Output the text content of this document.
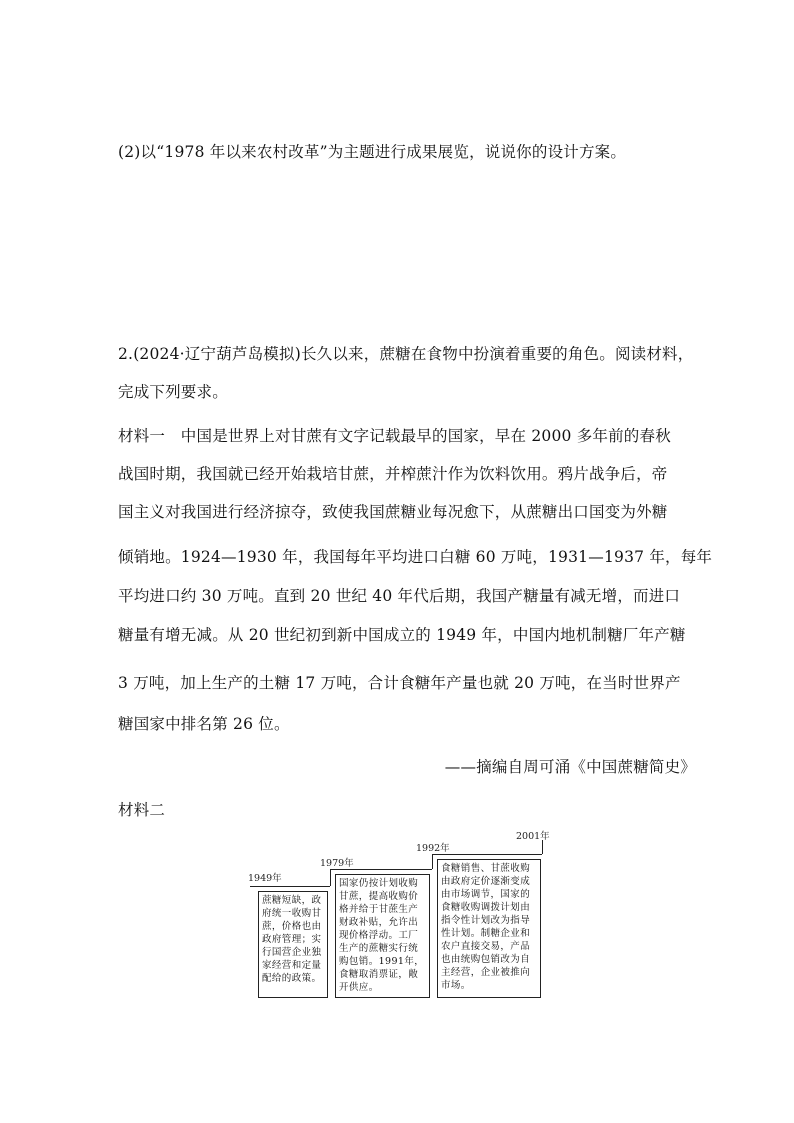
(2)以“1978 年以来农村改革”为主题进行成果展览，说说你的设计方案。
2.(2024·辽宁葫芦岛模拟)长久以来，蔗糖在食物中扮演着重要的角色。阅读材料，
完成下列要求。
材料一　中国是世界上对甘蔗有文字记载最早的国家，早在 2000 多年前的春秋
战国时期，我国就已经开始栽培甘蔗，并榨蔗汁作为饮料饮用。鸦片战争后，帝
国主义对我国进行经济掠夺，致使我国蔗糖业每况愈下，从蔗糖出口国变为外糖
倾销地。1924—1930 年，我国每年平均进口白糖 60 万吨，1931—1937 年，每年
平均进口约 30 万吨。直到 20 世纪 40 年代后期，我国产糖量有减无增，而进口
糖量有增无减。从 20 世纪初到新中国成立的 1949 年，中国内地机制糖厂年产糖
3 万吨，加上生产的土糖 17 万吨，合计食糖年产量也就 20 万吨，在当时世界产
糖国家中排名第 26 位。
——摘编自周可涌《中国蔗糖简史》
材料二
1949年
1979年
1992年
2001年
蔗糖短缺，政府统一收购甘蔗，价格也由政府管理；实行国营企业独家经营和定量配给的政策。
国家仍按计划收购甘蔗，提高收购价格并给于甘蔗生产财政补贴，允许出现价格浮动。工厂生产的蔗糖实行统购包销。1991年，食糖取消票证，敞开供应。
食糖销售、甘蔗收购由政府定价逐渐变成由市场调节，国家的食糖收购调拨计划由指令性计划改为指导性计划。制糖企业和农户直接交易，产品也由统购包销改为自主经营，企业被推向市场。
